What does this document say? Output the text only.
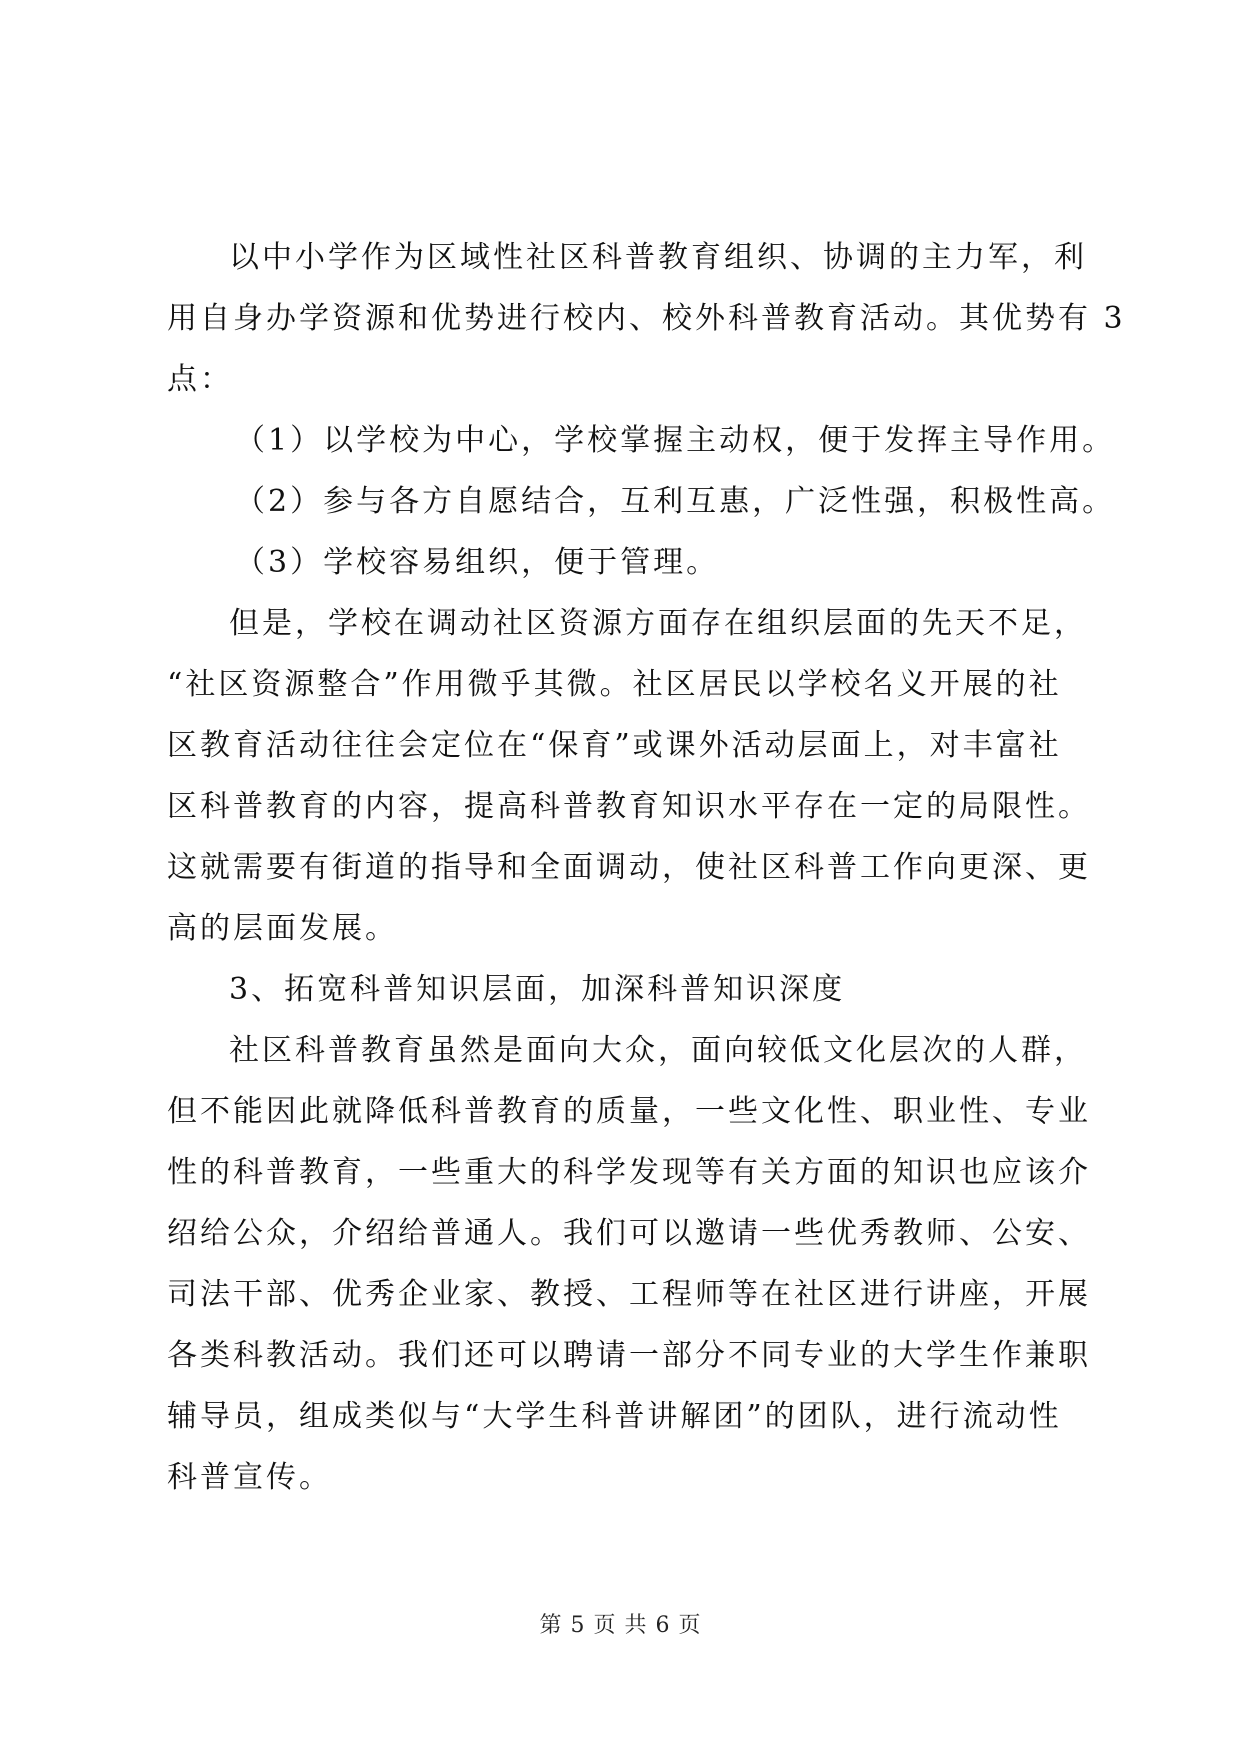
以中小学作为区域性社区科普教育组织、协调的主力军，利
用自身办学资源和优势进行校内、校外科普教育活动。其优势有 3
点：
（1）以学校为中心，学校掌握主动权，便于发挥主导作用。
（2）参与各方自愿结合，互利互惠，广泛性强，积极性高。
（3）学校容易组织，便于管理。
但是，学校在调动社区资源方面存在组织层面的先天不足，
“社区资源整合”作用微乎其微。社区居民以学校名义开展的社
区教育活动往往会定位在“保育”或课外活动层面上，对丰富社
区科普教育的内容，提高科普教育知识水平存在一定的局限性。
这就需要有街道的指导和全面调动，使社区科普工作向更深、更
高的层面发展。
3、拓宽科普知识层面，加深科普知识深度
社区科普教育虽然是面向大众，面向较低文化层次的人群，
但不能因此就降低科普教育的质量，一些文化性、职业性、专业
性的科普教育，一些重大的科学发现等有关方面的知识也应该介
绍给公众，介绍给普通人。我们可以邀请一些优秀教师、公安、
司法干部、优秀企业家、教授、工程师等在社区进行讲座，开展
各类科教活动。我们还可以聘请一部分不同专业的大学生作兼职
辅导员，组成类似与“大学生科普讲解团”的团队，进行流动性
科普宣传。
第 5 页 共 6 页
